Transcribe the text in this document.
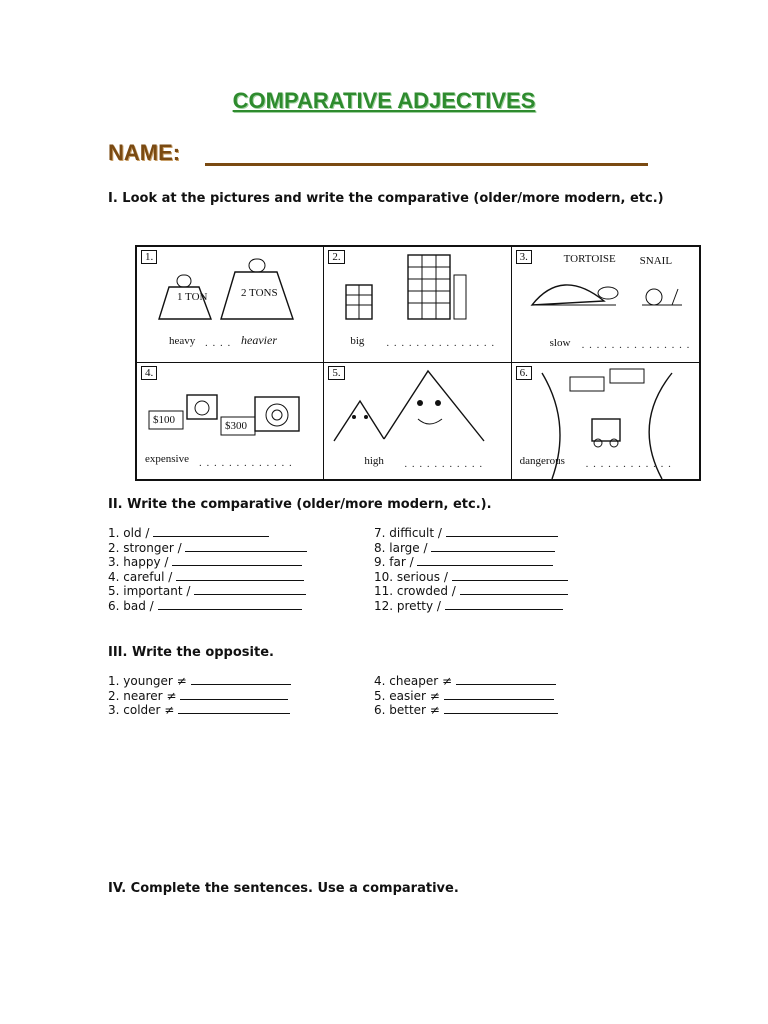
COMPARATIVE ADJECTIVES
NAME:
I. Look at the pictures and write the comparative (older/more modern, etc.)
1.
1 TON	2 TONS
heavy . . . . heavier
2.
big . . . . . . . . . . . . . . .
3.	TORTOISE SNAIL
slow . . . . . . . . . . . . . . .
4.
$100	$300
expensive . . . . . . . . . . . . .
5.
high . . . . . . . . . . .
6.
dangerous . . . . . . . . . . . .
II. Write the comparative (older/more modern, etc.).
1. old /
2. stronger /
3. happy /
4. careful /
5. important /
6. bad /
7. difficult /
8. large /
9. far /
10. serious /
11. crowded /
12. pretty /
III. Write the opposite.
1. younger ≠
2. nearer ≠
3. colder ≠
4. cheaper ≠
5. easier ≠
6. better ≠
IV. Complete the sentences. Use a comparative.
